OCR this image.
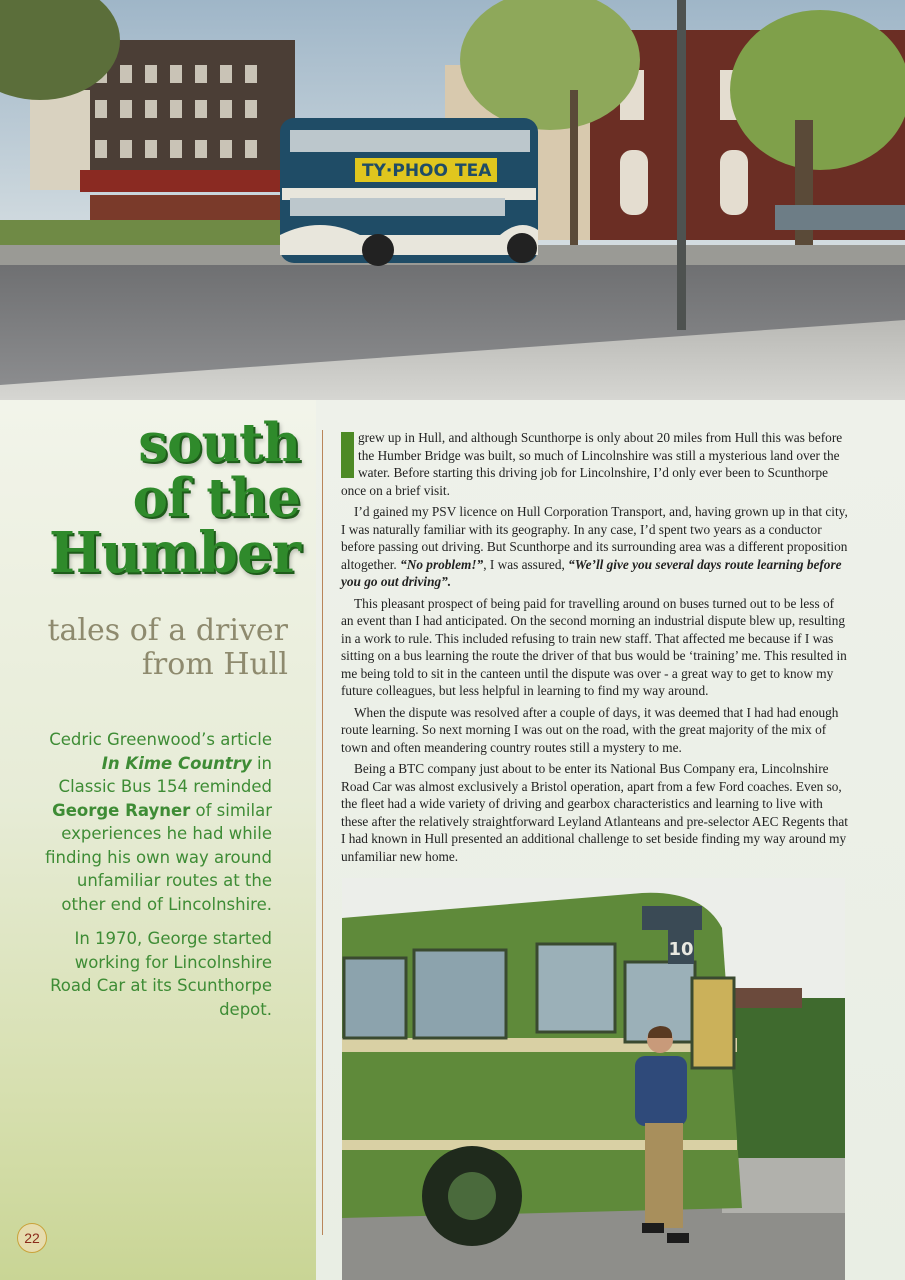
TY·PHOO TEA
south
of the
Humber
tales of a driver
from Hull

Cedric Greenwood’s article In Kime Country in Classic Bus 154 reminded George Rayner of similar experiences he had while finding his own way around unfamiliar routes at the other end of Lincolnshire.

In 1970, George started working for Lincolnshire Road Car at its Scunthorpe depot.

grew up in Hull, and although Scunthorpe is only about 20 miles from Hull this was before the Humber Bridge was built, so much of Lincolnshire was still a mysterious land over the water. Before starting this driving job for Lincolnshire, I’d only ever been to Scunthorpe once on a brief visit.

I’d gained my PSV licence on Hull Corporation Transport, and, having grown up in that city, I was naturally familiar with its geography. In any case, I’d spent two years as a conductor before passing out driving. But Scunthorpe and its surrounding area was a different proposition altogether. “No problem!”, I was assured, “We’ll give you several days route learning before you go out driving”.

This pleasant prospect of being paid for travelling around on buses turned out to be less of an event than I had anticipated. On the second morning an industrial dispute blew up, resulting in a work to rule. This included refusing to train new staff. That affected me because if I was sitting on a bus learning the route the driver of that bus would be ‘training’ me. This resulted in me being told to sit in the canteen until the dispute was over - a great way to get to know my future colleagues, but less helpful in learning to find my way around.

When the dispute was resolved after a couple of days, it was deemed that I had had enough route learning. So next morning I was out on the road, with the great majority of the mix of town and often meandering country routes still a mystery to me.

Being a BTC company just about to be enter its National Bus Company era, Lincolnshire Road Car was almost exclusively a Bristol operation, apart from a few Ford coaches. Even so, the fleet had a wide variety of driving and gearbox characteristics and learning to live with these after the relatively straightforward Leyland Atlanteans and pre-selector AEC Regents that I had known in Hull presented an additional challenge to set beside finding my way around my unfamiliar new home.

10
22
